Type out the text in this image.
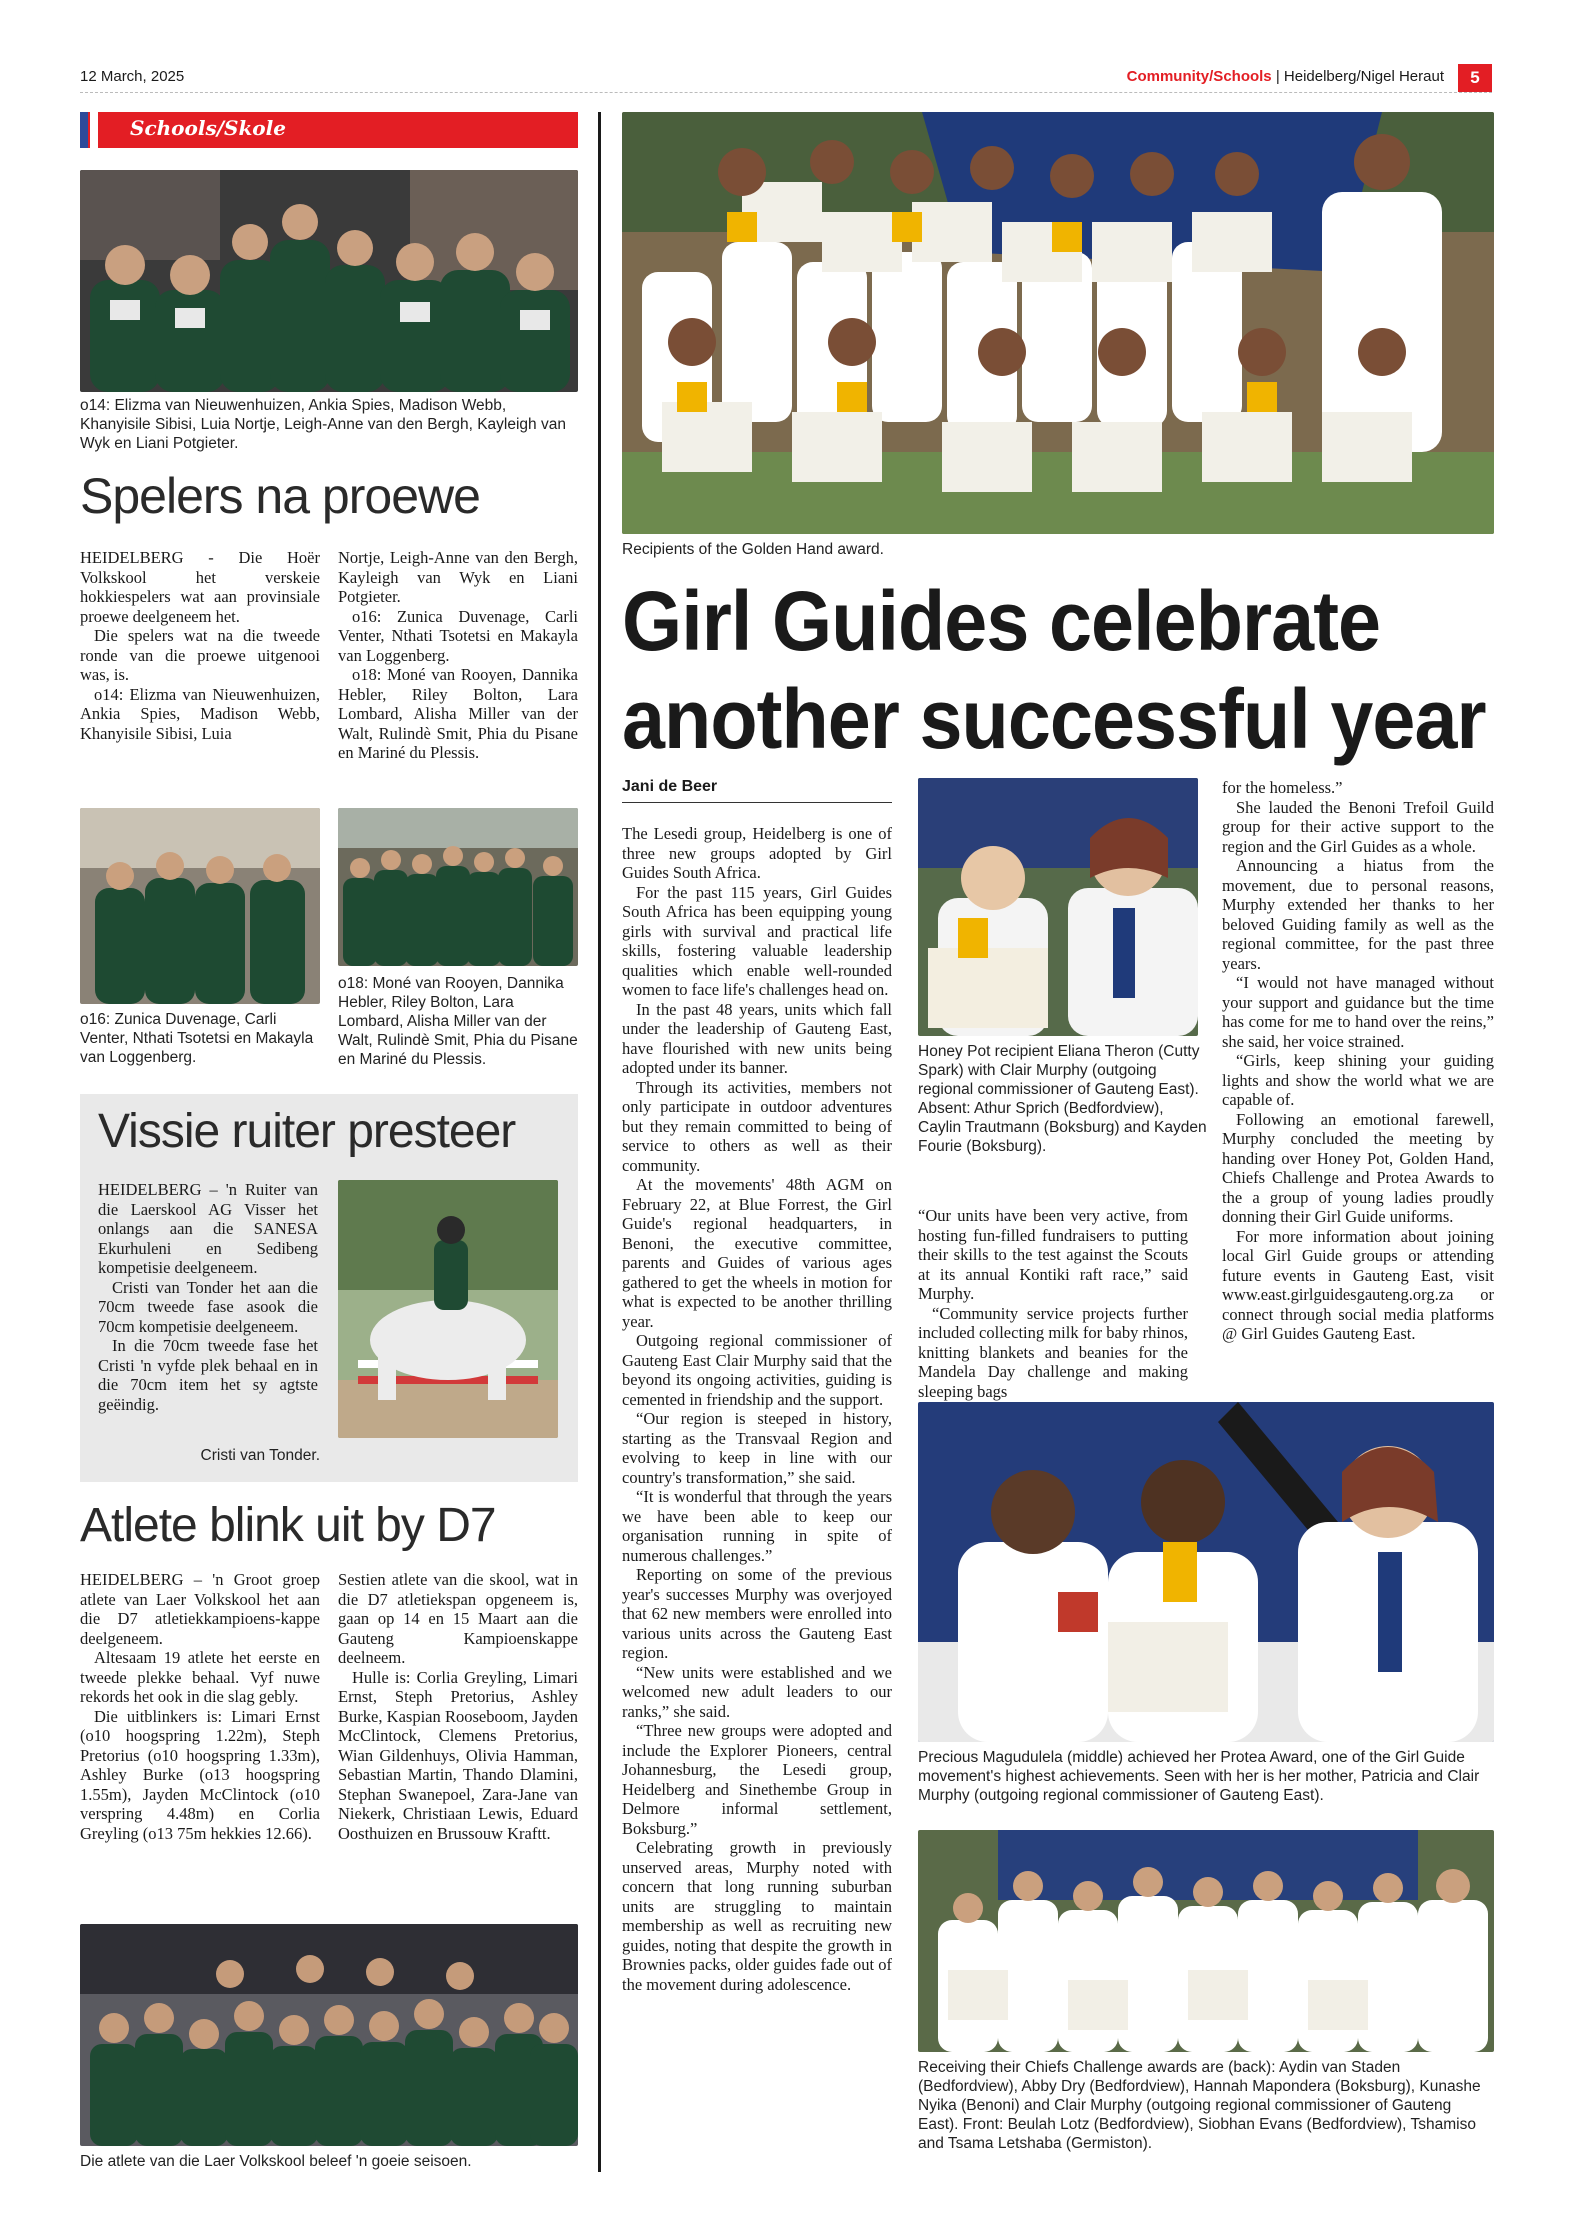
12 March, 2025	Community/Schools | Heidelberg/Nigel Heraut	5
Schools/Skole
o14: Elizma van Nieuwenhuizen, Ankia Spies, Madison Webb, Khanyisile Sibisi, Luia Nortje, Leigh-Anne van den Bergh, Kayleigh van Wyk en Liani Potgieter.
Spelers na proewe

HEIDELBERG - Die Hoër Volkskool het verskeie hokkiespelers wat aan provinsiale proewe deelgeneem het.

Die spelers wat na die tweede ronde van die proewe uitgenooi was, is.

o14: Elizma van Nieuwenhuizen, Ankia Spies, Madison Webb, Khanyisile Sibisi, Luia

Nortje, Leigh-Anne van den Bergh, Kayleigh van Wyk en Liani Potgieter.

o16: Zunica Duvenage, Carli Venter, Nthati Tsotetsi en Makayla van Loggenberg.

o18: Moné van Rooyen, Dannika Hebler, Riley Bolton, Lara Lombard, Alisha Miller van der Walt, Rulindè Smit, Phia du Pisane en Mariné du Plessis.

o16: Zunica Duvenage, Carli Venter, Nthati Tsotetsi en Makayla van Loggenberg.
o18: Moné van Rooyen, Dannika Hebler, Riley Bolton, Lara Lombard, Alisha Miller van der Walt, Rulindè Smit, Phia du Pisane en Mariné du Plessis.
Vissie ruiter presteer

HEIDELBERG – 'n Ruiter van die Laerskool AG Visser het onlangs aan die SANESA Ekurhuleni en Sedibeng kompetisie deelgeneem.

Cristi van Tonder het aan die 70cm tweede fase asook die 70cm kompetisie deelgeneem.

In die 70cm tweede fase het Cristi 'n vyfde plek behaal en in die 70cm item het sy agtste geëindig.

Cristi van Tonder.
Atlete blink uit by D7

HEIDELBERG – 'n Groot groep atlete van Laer Volkskool het aan die D7 atletiekkampioens-kappe deelgeneem.

Altesaam 19 atlete het eerste en tweede plekke behaal. Vyf nuwe rekords het ook in die slag gebly.

Die uitblinkers is: Limari Ernst (o10 hoogspring 1.22m), Steph Pretorius (o10 hoogspring 1.33m), Ashley Burke (o13 hoogspring 1.55m), Jayden McClintock (o10 verspring 4.48m) en Corlia Greyling (o13 75m hekkies 12.66).

Sestien atlete van die skool, wat in die D7 atletiekspan opgeneem is, gaan op 14 en 15 Maart aan die Gauteng Kampioenskappe deelneem.

Hulle is: Corlia Greyling, Limari Ernst, Steph Pretorius, Ashley Burke, Kaspian Rooseboom, Jayden McClintock, Clemens Pretorius, Wian Gildenhuys, Olivia Hamman, Sebastian Martin, Thando Dlamini, Stephan Swanepoel, Zara-Jane van Niekerk, Christiaan Lewis, Eduard Oosthuizen en Brussouw Kraftt.

Die atlete van die Laer Volkskool beleef 'n goeie seisoen.
Recipients of the Golden Hand award.
Girl Guides celebrate
another successful year
Jani de Beer

The Lesedi group, Heidelberg is one of three new groups adopted by Girl Guides South Africa.

For the past 115 years, Girl Guides South Africa has been equipping young girls with survival and practical life skills, fostering valuable leadership qualities which enable well-rounded women to face life's challenges head on.

In the past 48 years, units which fall under the leadership of Gauteng East, have flourished with new units being adopted under its banner.

Through its activities, members not only participate in outdoor adventures but they remain committed to being of service to others as well as their community.

At the movements' 48th AGM on February 22, at Blue Forrest, the Girl Guide's regional headquarters, in Benoni, the executive committee, parents and Guides of various ages gathered to get the wheels in motion for what is expected to be another thrilling year.

Outgoing regional commissioner of Gauteng East Clair Murphy said that the beyond its ongoing activities, guiding is cemented in friendship and the support.

“Our region is steeped in history, starting as the Transvaal Region and evolving to keep in line with our country's transformation,” she said.

“It is wonderful that through the years we have been able to keep our organisation running in spite of numerous challenges.”

Reporting on some of the previous year's successes Murphy was overjoyed that 62 new members were enrolled into various units across the Gauteng East region.

“New units were established and we welcomed new adult leaders to our ranks,” she said.

“Three new groups were adopted and include the Explorer Pioneers, central Johannesburg, the Lesedi group, Heidelberg and Sinethembe Group in Delmore informal settlement, Boksburg.”

Celebrating growth in previously unserved areas, Murphy noted with concern that long running suburban units are struggling to maintain membership as well as recruiting new guides, noting that despite the growth in Brownies packs, older guides fade out of the movement during adolescence.

Honey Pot recipient Eliana Theron (Cutty Spark) with Clair Murphy (outgoing regional commissioner of Gauteng East). Absent: Athur Sprich (Bedfordview), Caylin Trautmann (Boksburg) and Kayden Fourie (Boksburg).

“Our units have been very active, from hosting fun-filled fundraisers to putting their skills to the test against the Scouts at its annual Kontiki raft race,” said Murphy.

“Community service projects further included collecting milk for baby rhinos, knitting blankets and beanies for the Mandela Day challenge and making sleeping bags

for the homeless.”

She lauded the Benoni Trefoil Guild group for their active support to the region and the Girl Guides as a whole.

Announcing a hiatus from the movement, due to personal reasons, Murphy extended her thanks to her beloved Guiding family as well as the regional committee, for the past three years.

“I would not have managed without your support and guidance but the time has come for me to hand over the reins,” she said, her voice strained.

“Girls, keep shining your guiding lights and show the world what we are capable of.

Following an emotional farewell, Murphy concluded the meeting by handing over Honey Pot, Golden Hand, Chiefs Challenge and Protea Awards to the a group of young ladies proudly donning their Girl Guide uniforms.

For more information about joining local Girl Guide groups or attending future events in Gauteng East, visit www.east.girlguidesgauteng.org.za or connect through social media platforms @ Girl Guides Gauteng East.

Precious Magudulela (middle) achieved her Protea Award, one of the Girl Guide movement's highest achievements. Seen with her is her mother, Patricia and Clair Murphy (outgoing regional commissioner of Gauteng East).
Receiving their Chiefs Challenge awards are (back): Aydin van Staden (Bedfordview), Abby Dry (Bedfordview), Hannah Mapondera (Boksburg), Kunashe Nyika (Benoni) and Clair Murphy (outgoing regional commissioner of Gauteng East). Front: Beulah Lotz (Bedfordview), Siobhan Evans (Bedfordview), Tshamiso and Tsama Letshaba (Germiston).
